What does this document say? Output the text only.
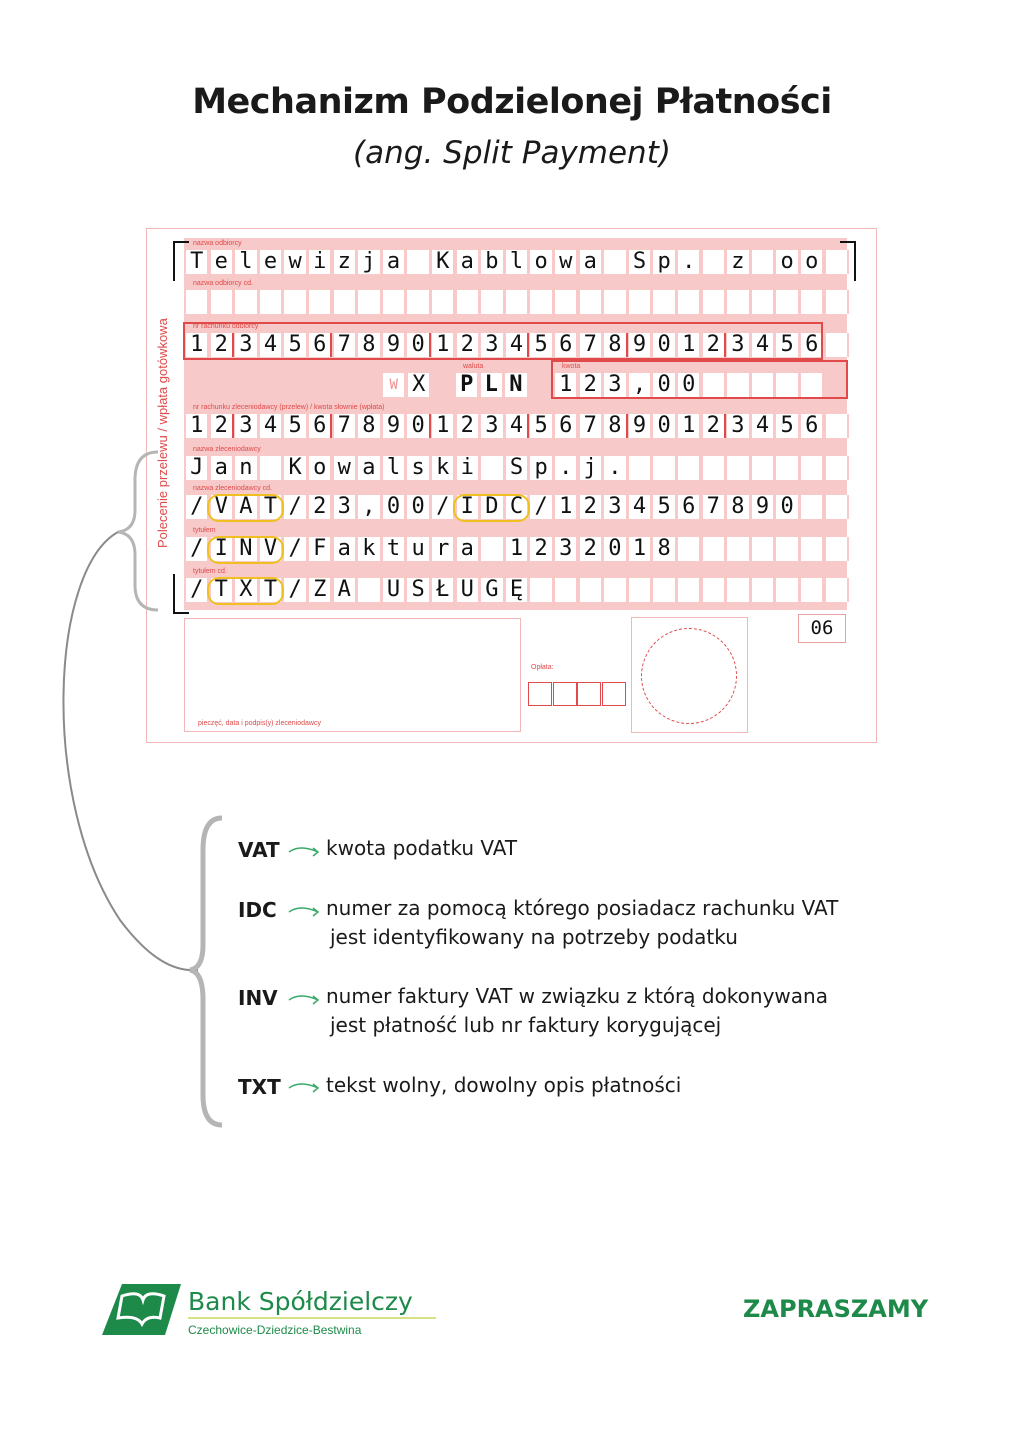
Mechanizm Podzielonej Płatności
(ang. Split Payment)
nazwa odbiorcy
T e l e w i z j a K a b l o w a S p . z o o
nazwa odbiorcy cd.
nr rachunku odbiorcy
1 2 3 4 5 6 7 8 9 0 1 2 3 4 5 6 7 8 9 0 1 2 3 4 5 6
nr rachunku zleceniodawcy (przelew) / kwota słownie (wpłata)
1 2 3 4 5 6 7 8 9 0 1 2 3 4 5 6 7 8 9 0 1 2 3 4 5 6
nazwa zleceniodawcy
J a n K o w a l s k i S p . j .
nazwa zleceniodawcy cd.
/ V A T / 2 3 , 0 0 / I D C / 1 2 3 4 5 6 7 8 9 0
tytułem
/ I N V / F a k t u r a 1 2 3 2 0 1 8
tytułem cd.
/ T X T / Z A U S Ł U G Ę
waluta	kwota
W X P L N 1 2 3 , 0 0
pieczęć, data i podpis(y) zleceniodawcy
Opłata:
06
Polecenie przelewu / wpłata gotówkowa
VAT kwota podatku VAT
IDC numer za pomocą którego posiadacz rachunku VAT
jest identyfikowany na potrzeby podatku
INV numer faktury VAT w związku z którą dokonywana
jest płatność lub nr faktury korygującej
TXT tekst wolny, dowolny opis płatności
Bank Spółdzielczy
Czechowice-Dziedzice-Bestwina
ZAPRASZAMY
